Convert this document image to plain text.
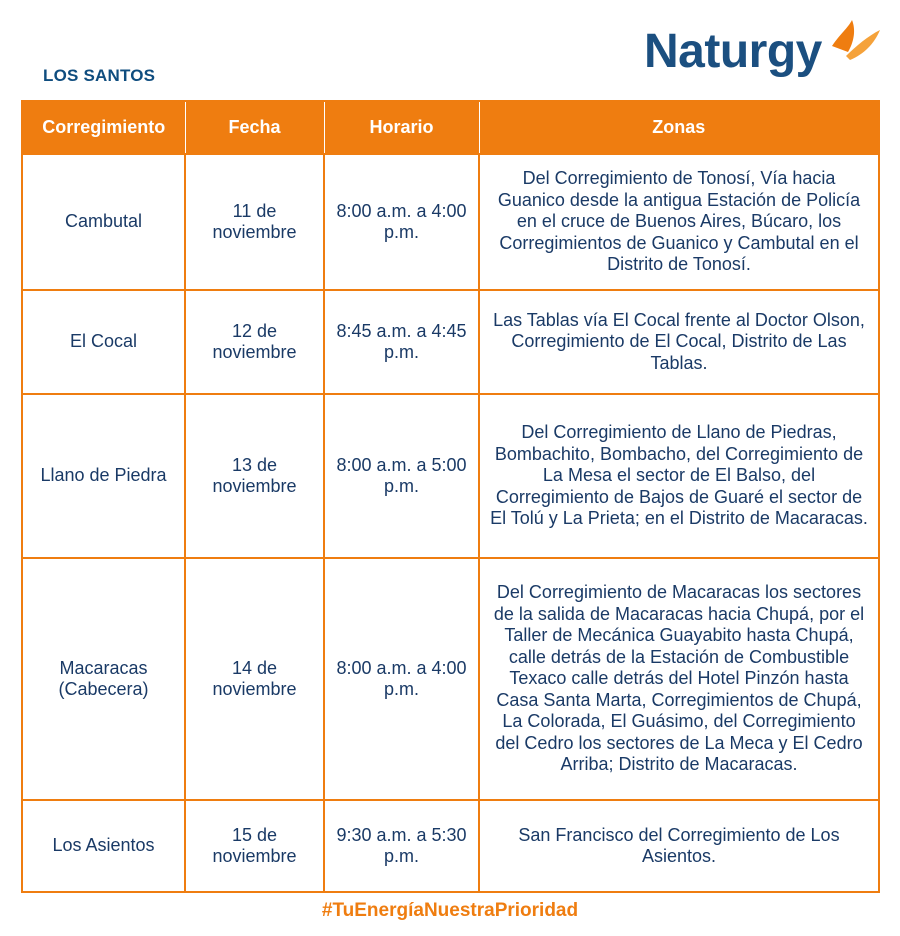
LOS SANTOS	Naturgy
Corregimiento	Fecha	Horario	Zonas
Cambutal	11 de noviembre	8:00 a.m. a 4:00 p.m.	Del Corregimiento de Tonosí, Vía hacia Guanico desde la antigua Estación de Policía en el cruce de Buenos Aires, Búcaro, los Corregimientos de Guanico y Cambutal en el Distrito de Tonosí.
El Cocal	12 de noviembre	8:45 a.m. a 4:45 p.m.	Las Tablas vía El Cocal frente al Doctor Olson, Corregimiento de El Cocal, Distrito de Las Tablas.
Llano de Piedra	13 de noviembre	8:00 a.m. a 5:00 p.m.	Del Corregimiento de Llano de Piedras, Bombachito, Bombacho, del Corregimiento de La Mesa el sector de El Balso, del Corregimiento de Bajos de Guaré el sector de El Tolú y La Prieta; en el Distrito de Macaracas.
Macaracas (Cabecera)	14 de noviembre	8:00 a.m. a 4:00 p.m.	Del Corregimiento de Macaracas los sectores de la salida de Macaracas hacia Chupá, por el Taller de Mecánica Guayabito hasta Chupá, calle detrás de la Estación de Combustible Texaco calle detrás del Hotel Pinzón hasta Casa Santa Marta, Corregimientos de Chupá, La Colorada, El Guásimo, del Corregimiento del Cedro los sectores de La Meca y El Cedro Arriba; Distrito de Macaracas.
Los Asientos	15 de noviembre	9:30 a.m. a 5:30 p.m.	San Francisco del Corregimiento de Los Asientos.
#TuEnergíaNuestraPrioridad
